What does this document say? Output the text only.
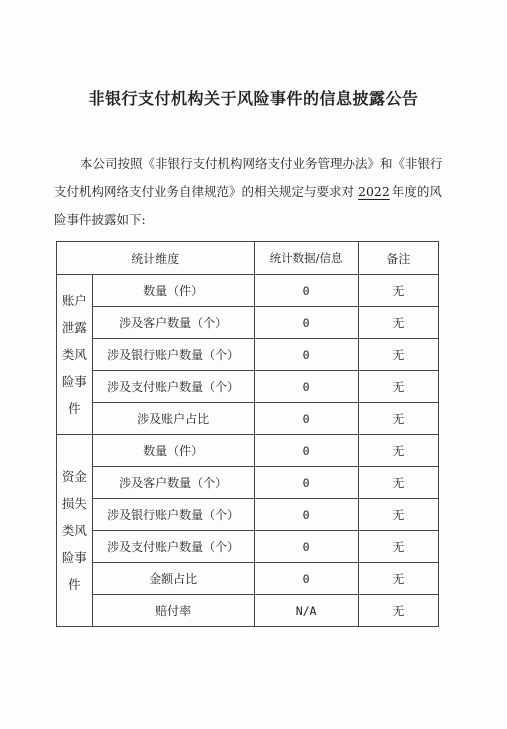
非银行支付机构关于风险事件的信息披露公告
本公司按照《非银行支付机构网络支付业务管理办法》和《非银行支付机构网络支付业务自律规范》的相关规定与要求对 2022 年度的风险事件披露如下:
统计维度		统计数据/信息	备注
账户泄露类风险事件	数量（件）	0	无
	涉及客户数量（个）	0	无
	涉及银行账户数量（个）	0	无
	涉及支付账户数量（个）	0	无
	涉及账户占比	0	无
资金损失类风险事件	数量（件）	0	无
	涉及客户数量（个）	0	无
	涉及银行账户数量（个）	0	无
	涉及支付账户数量（个）	0	无
	金额占比	0	无
	赔付率	N/A	无
